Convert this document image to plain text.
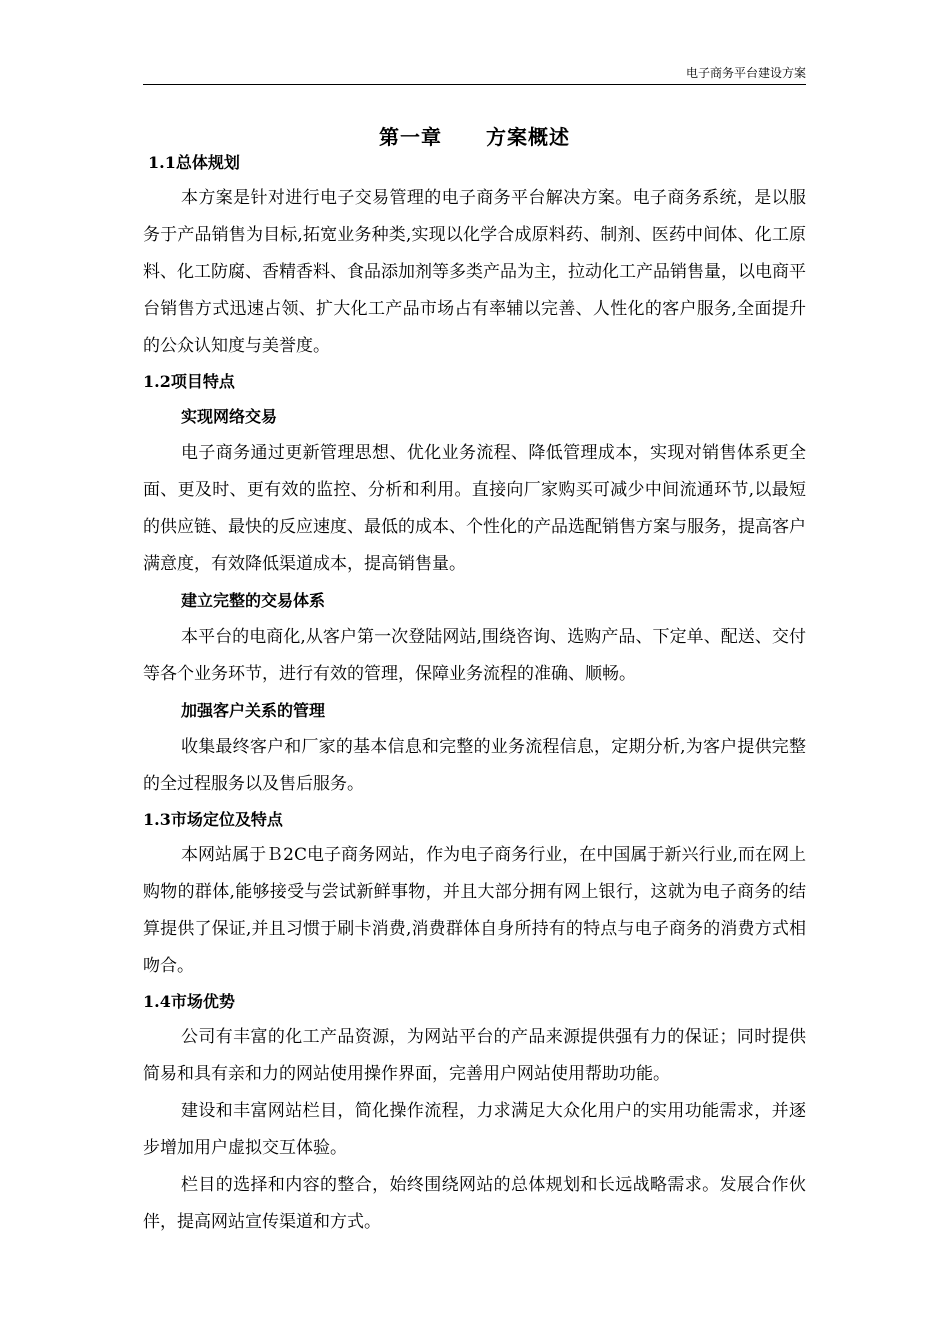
电子商务平台建设方案
第一章 方案概述
1.1总体规划

本方案是针对进行电子交易管理的电子商务平台解决方案。电子商务系统，是以服务于产品销售为目标,拓宽业务种类,实现以化学合成原料药、制剂、医药中间体、化工原料、化工防腐、香精香料、食品添加剂等多类产品为主，拉动化工产品销售量，以电商平台销售方式迅速占领、扩大化工产品市场占有率辅以完善、人性化的客户服务,全面提升的公众认知度与美誉度。

1.2项目特点
实现网络交易

电子商务通过更新管理思想、优化业务流程、降低管理成本，实现对销售体系更全面、更及时、更有效的监控、分析和利用。直接向厂家购买可减少中间流通环节,以最短的供应链、最快的反应速度、最低的成本、个性化的产品选配销售方案与服务，提高客户满意度，有效降低渠道成本，提高销售量。

建立完整的交易体系

本平台的电商化,从客户第一次登陆网站,围绕咨询、选购产品、下定单、配送、交付等各个业务环节，进行有效的管理，保障业务流程的准确、顺畅。

加强客户关系的管理

收集最终客户和厂家的基本信息和完整的业务流程信息，定期分析,为客户提供完整的全过程服务以及售后服务。

1.3市场定位及特点

本网站属于Ｂ2C电子商务网站，作为电子商务行业，在中国属于新兴行业,而在网上购物的群体,能够接受与尝试新鲜事物，并且大部分拥有网上银行，这就为电子商务的结算提供了保证,并且习惯于刷卡消费,消费群体自身所持有的特点与电子商务的消费方式相吻合。

1.4市场优势

公司有丰富的化工产品资源，为网站平台的产品来源提供强有力的保证；同时提供简易和具有亲和力的网站使用操作界面，完善用户网站使用帮助功能。

建设和丰富网站栏目，简化操作流程，力求满足大众化用户的实用功能需求，并逐步增加用户虚拟交互体验。

栏目的选择和内容的整合，始终围绕网站的总体规划和长远战略需求。发展合作伙伴，提高网站宣传渠道和方式。
